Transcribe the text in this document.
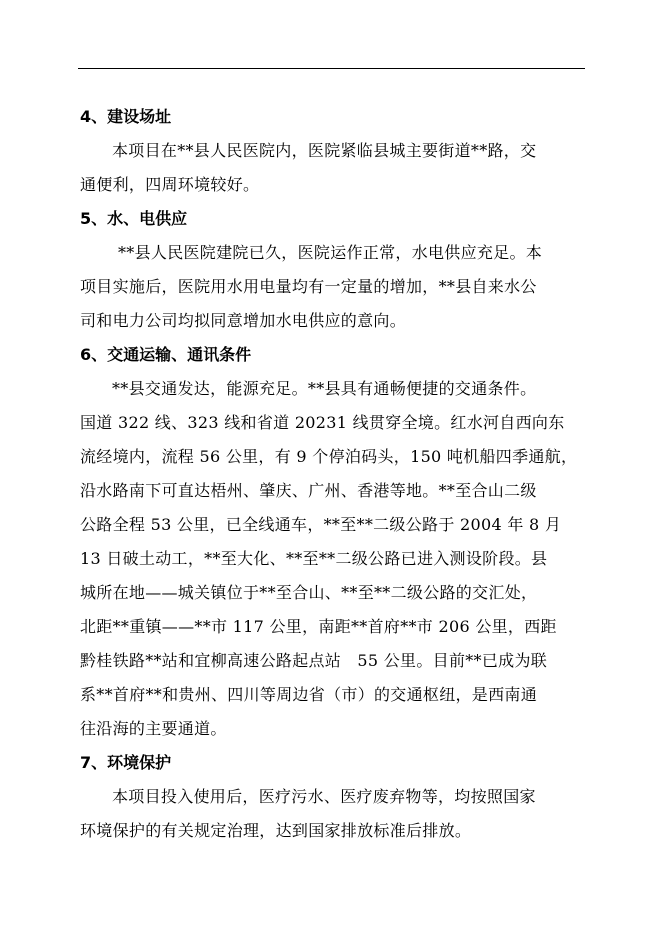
4、建设场址

本项目在**县人民医院内，医院紧临县城主要街道**路，交
通便利，四周环境较好。

5、水、电供应

**县人民医院建院已久，医院运作正常，水电供应充足。本
项目实施后，医院用水用电量均有一定量的增加，**县自来水公
司和电力公司均拟同意增加水电供应的意向。

6、交通运输、通讯条件

**县交通发达，能源充足。**县具有通畅便捷的交通条件。
国道 322 线、323 线和省道 20231 线贯穿全境。红水河自西向东
流经境内，流程 56 公里，有 9 个停泊码头，150 吨机船四季通航，
沿水路南下可直达梧州、肇庆、广州、香港等地。**至合山二级
公路全程 53 公里，已全线通车，**至**二级公路于 2004 年 8 月
13 日破土动工，**至大化、**至**二级公路已进入测设阶段。县
城所在地——城关镇位于**至合山、**至**二级公路的交汇处，
北距**重镇——**市 117 公里，南距**首府**市 206 公里，西距
黔桂铁路**站和宜柳高速公路起点站　55 公里。目前**已成为联
系**首府**和贵州、四川等周边省（市）的交通枢纽，是西南通
往沿海的主要通道。

7、环境保护

本项目投入使用后，医疗污水、医疗废弃物等，均按照国家
环境保护的有关规定治理，达到国家排放标准后排放。
